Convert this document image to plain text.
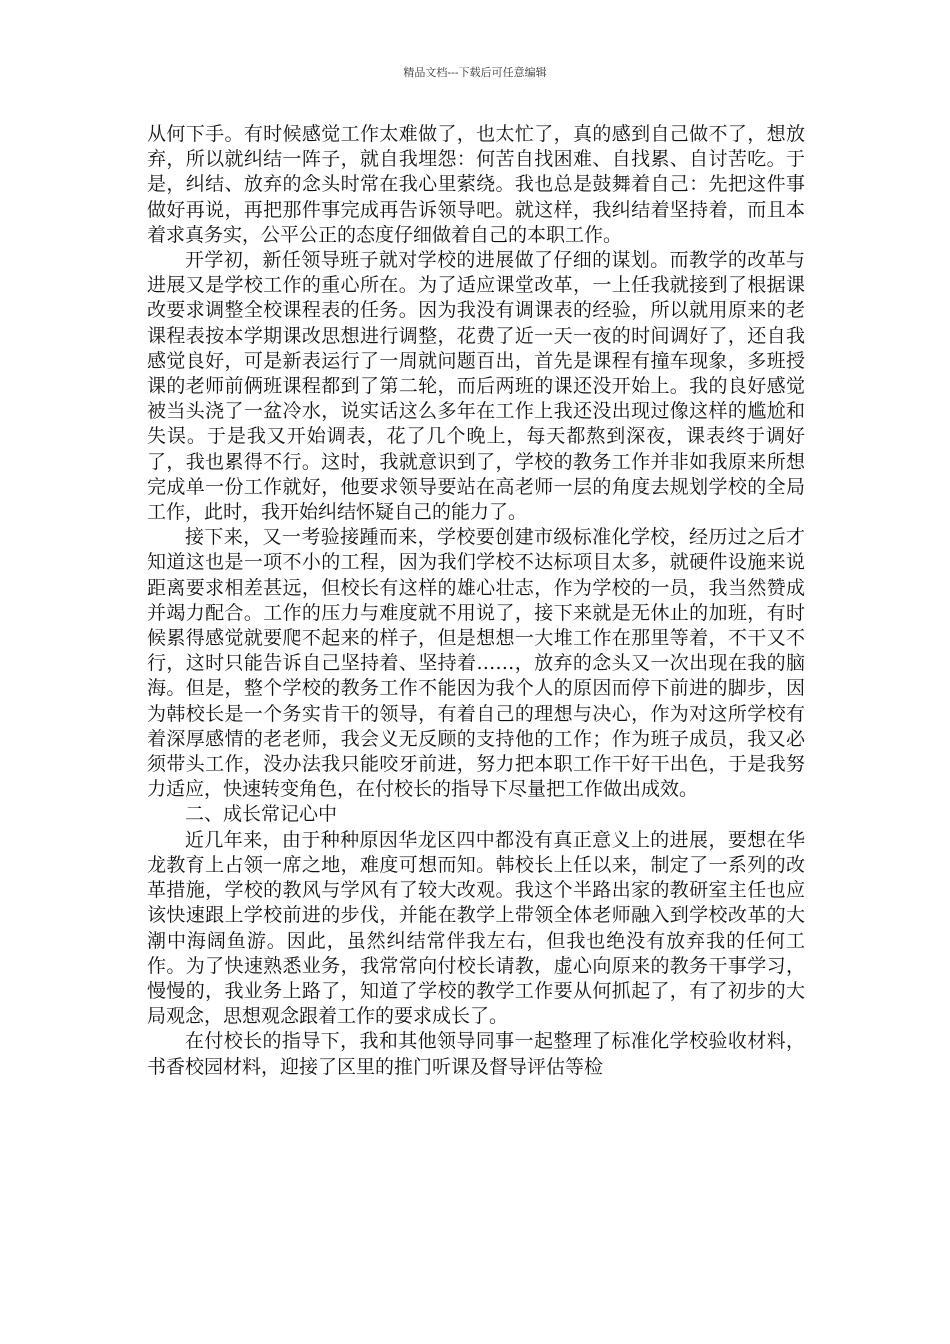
精品文档---下载后可任意编辑

从何下手。有时候感觉工作太难做了，也太忙了，真的感到自己做不了，想放弃，所以就纠结一阵子，就自我埋怨：何苦自找困难、自找累、自讨苦吃。于是，纠结、放弃的念头时常在我心里萦绕。我也总是鼓舞着自己：先把这件事做好再说，再把那件事完成再告诉领导吧。就这样，我纠结着坚持着，而且本着求真务实，公平公正的态度仔细做着自己的本职工作。

开学初，新任领导班子就对学校的进展做了仔细的谋划。而教学的改革与进展又是学校工作的重心所在。为了适应课堂改革，一上任我就接到了根据课改要求调整全校课程表的任务。因为我没有调课表的经验，所以就用原来的老课程表按本学期课改思想进行调整，花费了近一天一夜的时间调好了，还自我感觉良好，可是新表运行了一周就问题百出，首先是课程有撞车现象，多班授课的老师前俩班课程都到了第二轮，而后两班的课还没开始上。我的良好感觉被当头浇了一盆冷水，说实话这么多年在工作上我还没出现过像这样的尴尬和失误。于是我又开始调表，花了几个晚上，每天都熬到深夜，课表终于调好了，我也累得不行。这时，我就意识到了，学校的教务工作并非如我原来所想完成单一份工作就好，他要求领导要站在高老师一层的角度去规划学校的全局工作，此时，我开始纠结怀疑自己的能力了。

接下来，又一考验接踵而来，学校要创建市级标准化学校，经历过之后才知道这也是一项不小的工程，因为我们学校不达标项目太多，就硬件设施来说距离要求相差甚远，但校长有这样的雄心壮志，作为学校的一员，我当然赞成并竭力配合。工作的压力与难度就不用说了，接下来就是无休止的加班，有时候累得感觉就要爬不起来的样子，但是想想一大堆工作在那里等着，不干又不行，这时只能告诉自己坚持着、坚持着……，放弃的念头又一次出现在我的脑海。但是，整个学校的教务工作不能因为我个人的原因而停下前进的脚步，因为韩校长是一个务实肯干的领导，有着自己的理想与决心，作为对这所学校有着深厚感情的老老师，我会义无反顾的支持他的工作；作为班子成员，我又必须带头工作，没办法我只能咬牙前进，努力把本职工作干好干出色，于是我努力适应，快速转变角色，在付校长的指导下尽量把工作做出成效。

二、成长常记心中

近几年来，由于种种原因华龙区四中都没有真正意义上的进展，要想在华龙教育上占领一席之地，难度可想而知。韩校长上任以来，制定了一系列的改革措施，学校的教风与学风有了较大改观。我这个半路出家的教研室主任也应该快速跟上学校前进的步伐，并能在教学上带领全体老师融入到学校改革的大潮中海阔鱼游。因此，虽然纠结常伴我左右，但我也绝没有放弃我的任何工作。为了快速熟悉业务，我常常向付校长请教，虚心向原来的教务干事学习，慢慢的，我业务上路了，知道了学校的教学工作要从何抓起了，有了初步的大局观念，思想观念跟着工作的要求成长了。

在付校长的指导下，我和其他领导同事一起整理了标准化学校验收材料，书香校园材料，迎接了区里的推门听课及督导评估等检
